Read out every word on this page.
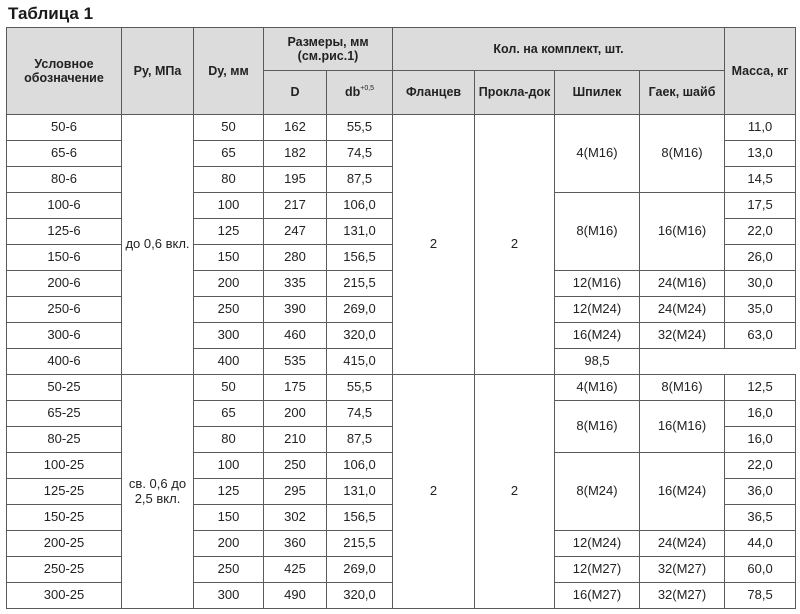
Таблица 1
Условное обозначение	Ру, МПа	Dy, мм	Размеры, мм (см.рис.1)		Кол. на комплект, шт.				Масса, кг
			D	$db^{+0,5}$	Фланцев	Прокла-док	Шпилек	Гаек, шайб	
50-6	до 0,6 вкл.	50	162	55,5	2	2	4(М16)	8(М16)	11,0
65-6		65	182	74,5					13,0
80-6		80	195	87,5					14,5
100-6		100	217	106,0			8(М16)	16(М16)	17,5
125-6		125	247	131,0					22,0
150-6		150	280	156,5					26,0
200-6		200	335	215,5			12(М16)	24(М16)	30,0
250-6		250	390	269,0			12(М24)	24(М24)	35,0
300-6		300	460	320,0			16(М24)	32(М24)	63,0
400-6		400	535	415,0			98,5		
50-25	св. 0,6 до 2,5 вкл.	50	175	55,5	2	2	4(М16)	8(М16)	12,5
65-25		65	200	74,5			8(М16)	16(М16)	16,0
80-25		80	210	87,5					16,0
100-25		100	250	106,0			8(М24)	16(М24)	22,0
125-25		125	295	131,0					36,0
150-25		150	302	156,5					36,5
200-25		200	360	215,5			12(М24)	24(М24)	44,0
250-25		250	425	269,0			12(М27)	32(М27)	60,0
300-25		300	490	320,0			16(М27)	32(М27)	78,5
